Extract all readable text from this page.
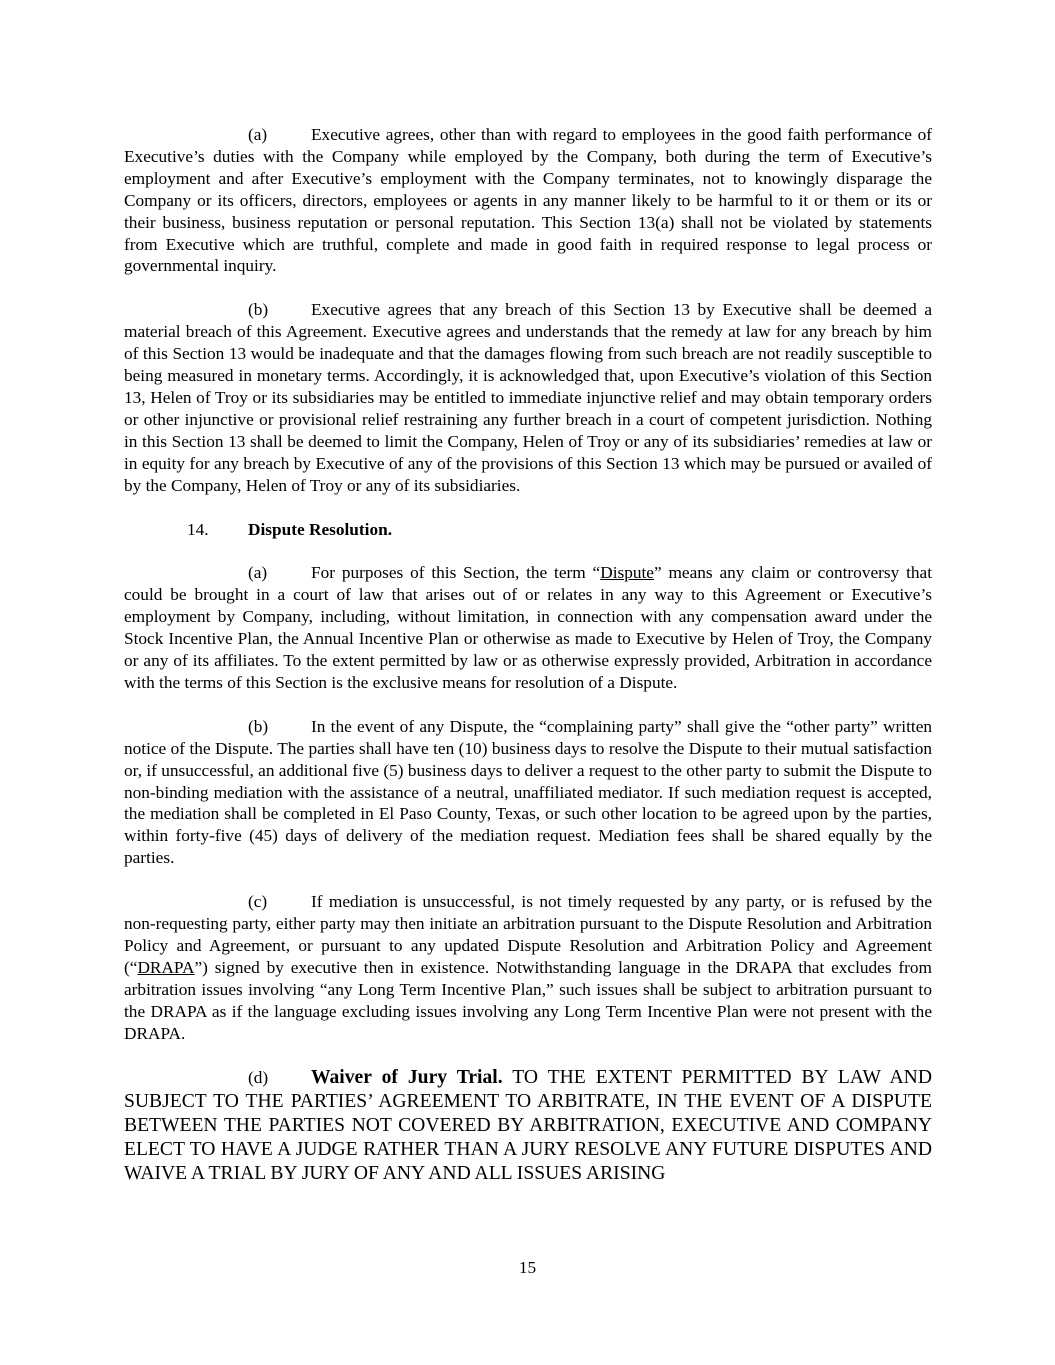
(a)	Executive agrees, other than with regard to employees in the good faith performance of Executive’s duties with the Company while employed by the Company, both during the term of Executive’s employment and after Executive’s employment with the Company terminates, not to knowingly disparage the Company or its officers, directors, employees or agents in any manner likely to be harmful to it or them or its or their business, business reputation or personal reputation. This Section 13(a) shall not be violated by statements from Executive which are truthful, complete and made in good faith in required response to legal process or governmental inquiry.

(b) Executive agrees that any breach of this Section 13 by Executive shall be deemed a material breach of this Agreement. Executive agrees and understands that the remedy at law for any breach by him of this Section 13 would be inadequate and that the damages flowing from such breach are not readily susceptible to being measured in monetary terms. Accordingly, it is acknowledged that, upon Executive’s violation of this Section 13, Helen of Troy or its subsidiaries may be entitled to immediate injunctive relief and may obtain temporary orders or other injunctive or provisional relief restraining any further breach in a court of competent jurisdiction. Nothing in this Section 13 shall be deemed to limit the Company, Helen of Troy or any of its subsidiaries’ remedies at law or in equity for any breach by Executive of any of the provisions of this Section 13 which may be pursued or availed of by the Company, Helen of Troy or any of its subsidiaries.

14. Dispute Resolution.

(a)	For purposes of this Section, the term “Dispute” means any claim or controversy that could be brought in a court of law that arises out of or relates in any way to this Agreement or Executive’s employment by Company, including, without limitation, in connection with any compensation award under the Stock Incentive Plan, the Annual Incentive Plan or otherwise as made to Executive by Helen of Troy, the Company or any of its affiliates. To the extent permitted by law or as otherwise expressly provided, Arbitration in accordance with the terms of this Section is the exclusive means for resolution of a Dispute.

(b) In the event of any Dispute, the “complaining party” shall give the “other party” written notice of the Dispute. The parties shall have ten (10) business days to resolve the Dispute to their mutual satisfaction or, if unsuccessful, an additional five (5) business days to deliver a request to the other party to submit the Dispute to non-binding mediation with the assistance of a neutral, unaffiliated mediator. If such mediation request is accepted, the mediation shall be completed in El Paso County, Texas, or such other location to be agreed upon by the parties, within forty-five (45) days of delivery of the mediation request. Mediation fees shall be shared equally by the parties.

(c)	If mediation is unsuccessful, is not timely requested by any party, or is refused by the non-requesting party, either party may then initiate an arbitration pursuant to the Dispute Resolution and Arbitration Policy and Agreement, or pursuant to any updated Dispute Resolution and Arbitration Policy and Agreement (“DRAPA”) signed by executive then in existence. Notwithstanding language in the DRAPA that excludes from arbitration issues involving “any Long Term Incentive Plan,” such issues shall be subject to arbitration pursuant to the DRAPA as if the language excluding issues involving any Long Term Incentive Plan were not present with the DRAPA.

(d) Waiver of Jury Trial. TO THE EXTENT PERMITTED BY LAW AND SUBJECT TO THE PARTIES’ AGREEMENT TO ARBITRATE, IN THE EVENT OF A DISPUTE BETWEEN THE PARTIES NOT COVERED BY ARBITRATION, EXECUTIVE AND COMPANY ELECT TO HAVE A JUDGE RATHER THAN A JURY RESOLVE ANY FUTURE DISPUTES AND WAIVE A TRIAL BY JURY OF ANY AND ALL ISSUES ARISING

15
